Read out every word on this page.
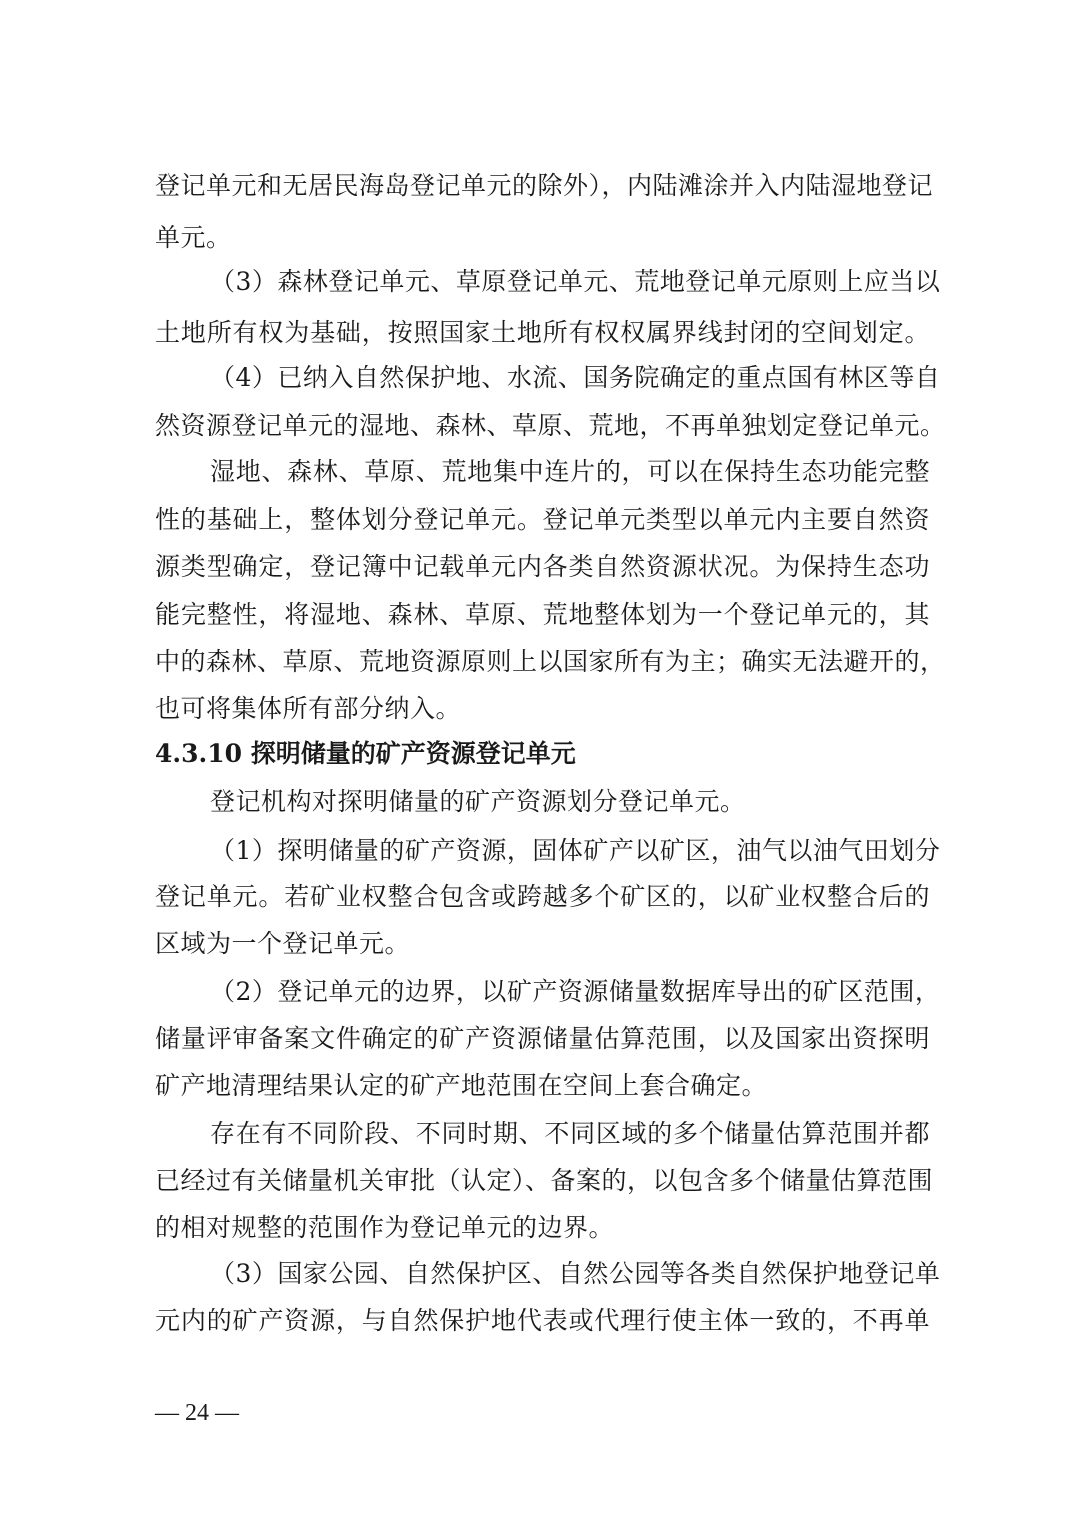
登记单元和无居民海岛登记单元的除外），内陆滩涂并入内陆湿地登记
单元。
（3）森林登记单元、草原登记单元、荒地登记单元原则上应当以
土地所有权为基础，按照国家土地所有权权属界线封闭的空间划定。
（4）已纳入自然保护地、水流、国务院确定的重点国有林区等自
然资源登记单元的湿地、森林、草原、荒地，不再单独划定登记单元。
湿地、森林、草原、荒地集中连片的，可以在保持生态功能完整
性的基础上，整体划分登记单元。登记单元类型以单元内主要自然资
源类型确定，登记簿中记载单元内各类自然资源状况。为保持生态功
能完整性，将湿地、森林、草原、荒地整体划为一个登记单元的，其
中的森林、草原、荒地资源原则上以国家所有为主；确实无法避开的，
也可将集体所有部分纳入。
4.3.10 探明储量的矿产资源登记单元
登记机构对探明储量的矿产资源划分登记单元。
（1）探明储量的矿产资源，固体矿产以矿区，油气以油气田划分
登记单元。若矿业权整合包含或跨越多个矿区的，以矿业权整合后的
区域为一个登记单元。
（2）登记单元的边界，以矿产资源储量数据库导出的矿区范围，
储量评审备案文件确定的矿产资源储量估算范围，以及国家出资探明
矿产地清理结果认定的矿产地范围在空间上套合确定。
存在有不同阶段、不同时期、不同区域的多个储量估算范围并都
已经过有关储量机关审批（认定）、备案的，以包含多个储量估算范围
的相对规整的范围作为登记单元的边界。
（3）国家公园、自然保护区、自然公园等各类自然保护地登记单
元内的矿产资源，与自然保护地代表或代理行使主体一致的，不再单
— 24 —
